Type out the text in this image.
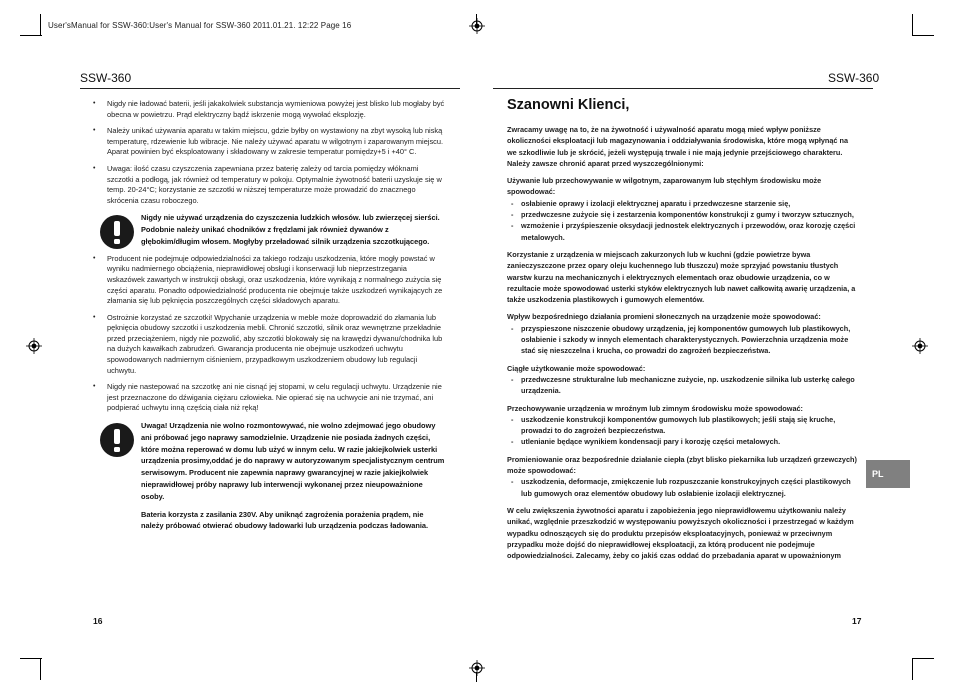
User'sManual for SSW-360:User's Manual for SSW-360 2011.01.21. 12:22 Page 16
SSW-360
• Nigdy nie ładować baterii, jeśli jakakolwiek substancja wymieniowa powyżej jest blisko lub mogłaby być obecna w powietrzu. Prąd elektryczny bądź iskrzenie mogą wywołać eksplozję.
• Należy unikać używania aparatu w takim miejscu, gdzie byłby on wystawiony na zbyt wysoką lub niską temperaturę, rdzewienie lub wibracje. Nie należy używać aparatu w wilgotnym i zaparowanym miejscu. Aparat powinien być eksploatowany i składowany w zakresie temperatur pomiędzy+5 i +40° C.
• Uwaga: ilość czasu czyszczenia zapewniana przez baterię zależy od tarcia pomiędzy włóknami szczotki a podłogą, jak również od temperatury w pokoju. Optymalnie żywotność baterii uzyskuje się w temp. 20-24°C; korzystanie ze szczotki w niższej temperaturze może prowadzić do znacznego skrócenia czasu roboczego.

Nigdy nie używać urządzenia do czyszczenia ludzkich włosów. lub zwierzęcej sierści. Podobnie należy unikać chodników z frędzlami jak również dywanów z głębokim/długim włosem. Mogłyby przeładować silnik urządzenia szczotkującego.

• Producent nie podejmuje odpowiedzialności za takiego rodzaju uszkodzenia, które mogły powstać w wyniku nadmiernego obciążenia, nieprawidłowej obsługi i konserwacji lub nieprzestrzegania wskazówek zawartych w instrukcji obsługi, oraz uszkodzenia, które wynikają z normalnego zużycia się części aparatu. Ponadto odpowiedzialność producenta nie obejmuje także uszkodzeń wynikających ze złamania się lub pęknięcia poszczególnych części składowych aparatu.
• Ostrożnie korzystać ze szczotki! Wpychanie urządzenia w meble może doprowadzić do złamania lub pęknięcia obudowy szczotki i uszkodzenia mebli. Chronić szczotki, silnik oraz wewnętrzne przekładnie przed przeciążeniem, nigdy nie pozwolić, aby szczotki blokowały się na krawędzi dywanu/chodnika lub na dużych kawałkach zabrudzeń. Gwarancja producenta nie obejmuje uszkodzeń uchwytu spowodowanych nadmiernym ciśnieniem, przypadkowym uszkodzeniem obudowy lub regulacji uchwytu.
• Nigdy nie nastepować na szczotkę ani nie cisnąć jej stopami, w celu regulacji uchwytu. Urządzenie nie jest przeznaczone do dźwigania ciężaru człowieka. Nie opierać się na uchwycie ani nie trzymać, ani podpierać uchwytu inną częścią ciała niż ręką!

Uwaga! Urządzenia nie wolno rozmontowywać, nie wolno zdejmować jego obudowy ani próbować jego naprawy samodzielnie. Urządzenie nie posiada żadnych części, które można reperować w domu lub użyć w innym celu. W razie jakiejkolwiek usterki urządzenia prosimy,oddać je do naprawy w autoryzowanym specjalistycznym centrum serwisowym. Producent nie zapewnia naprawy gwarancyjnej w razie jakiejkolwiek nieprawidłowej próby naprawy lub interwencji wykonanej przez nieupoważnione osoby.

Bateria korzysta z zasilania 230V. Aby uniknąć zagrożenia porażenia prądem, nie należy próbować otwierać obudowy ładowarki lub urządzenia podczas ładowania.

16
SSW-360
Szanowni Klienci,

Zwracamy uwagę na to, że na żywotność i używalność aparatu mogą mieć wpływ poniższe okoliczności eksploatacji lub magazynowania i oddziaływania środowiska, które mogą wpłynąć na we szkodliwie lub je skrócić, jeżeli występują trwale i nie mają jedynie przejściowego charakteru. Należy zawsze chronić aparat przed wyszczególnionymi:

Używanie lub przechowywanie w wilgotnym, zaparowanym lub stęchłym środowisku może spowodować:
- osłabienie oprawy i izolacji elektrycznej aparatu i przedwczesne starzenie się,
- przedwczesne zużycie się i zestarzenia komponentów konstrukcji z gumy i tworzyw sztucznych,
- wzmożenie i przyśpieszenie oksydacji jednostek elektrycznych i przewodów, oraz korozję części metalowych.
Korzystanie z urządzenia w miejscach zakurzonych lub w kuchni (gdzie powietrze bywa zanieczyszczone przez opary oleju kuchennego lub tłuszczu) może sprzyjać powstaniu tłustych warstw kurzu na mechanicznych i elektrycznych elementach oraz obudowie urządzenia, co w rezultacie może spowodować usterki styków elektrycznych lub nawet całkowitą awarię urządzenia, a także uszkodzenia plastikowych i gumowych elementów.
Wpływ bezpośredniego działania promieni słonecznych na urządzenie może spowodować:
- przyspieszone niszczenie obudowy urządzenia, jej komponentów gumowych lub plastikowych, osłabienie i szkody w innych elementach charakterystycznych. Powierzchnia urządzenia może stać się nieszczelna i krucha, co prowadzi do zagrożeń bezpieczeństwa.
Ciągłe użytkowanie może spowodować:
- przedwczesne strukturalne lub mechaniczne zużycie, np. uszkodzenie silnika lub usterkę całego urządzenia.
Przechowywanie urządzenia w mroźnym lub zimnym środowisku może spowodować:
- uszkodzenie konstrukcji komponentów gumowych lub plastikowych; jeśli stają się kruche, prowadzi to do zagrożeń bezpieczeństwa.
- utlenianie będące wynikiem kondensacji pary i korozję części metalowych.
Promieniowanie oraz bezpośrednie działanie ciepła (zbyt blisko piekarnika lub urządzeń grzewczych) może spowodować:
- uszkodzenia, deformacje, zmiękczenie lub rozpuszczanie konstrukcyjnych części plastikowych lub gumowych oraz elementów obudowy lub osłabienie izolacji elektrycznej.

W celu zwiększenia żywotności aparatu i zapobieżenia jego nieprawidłowemu użytkowaniu należy unikać, względnie przeszkodzić w występowaniu powyższych okoliczności i przestrzegać w każdym wypadku odnoszących się do produktu przepisów eksploatacyjnych, ponieważ w przeciwnym przypadku może dojść do nieprawidłowej eksploatacji, za którą producent nie podejmuje odpowiedzialności. Zalecamy, żeby co jakiś czas oddać do przebadania aparat w upoważnionym

PL
17
